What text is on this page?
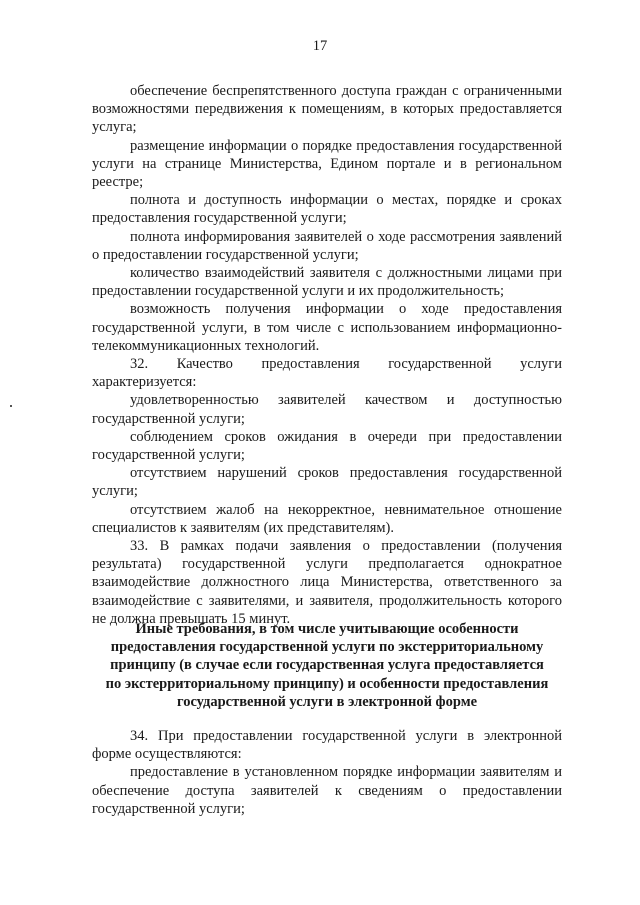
17

обеспечение беспрепятственного доступа граждан с ограниченными возможностями передвижения к помещениям, в которых предоставляется услуга;

размещение информации о порядке предоставления государственной услуги на странице Министерства, Едином портале и в региональном реестре;

полнота и доступность информации о местах, порядке и сроках предоставления государственной услуги;

полнота информирования заявителей о ходе рассмотрения заявлений о предоставлении государственной услуги;

количество взаимодействий заявителя с должностными лицами при предоставлении государственной услуги и их продолжительность;

возможность получения информации о ходе предоставления государственной услуги, в том числе с использованием информационно-телекоммуникационных технологий.

32. Качество предоставления государственной услуги характеризуется:

удовлетворенностью заявителей качеством и доступностью государственной услуги;

соблюдением сроков ожидания в очереди при предоставлении государственной услуги;

отсутствием нарушений сроков предоставления государственной услуги;

отсутствием жалоб на некорректное, невнимательное отношение специалистов к заявителям (их представителям).

33. В рамках подачи заявления о предоставлении (получения результата) государственной услуги предполагается однократное взаимодействие должностного лица Министерства, ответственного за взаимодействие с заявителями, и заявителя, продолжительность которого не должна превышать 15 минут.

Иные требования, в том числе учитывающие особенности

предоставления государственной услуги по экстерриториальному

принципу (в случае если государственная услуга предоставляется

по экстерриториальному принципу) и особенности предоставления

государственной услуги в электронной форме

34. При предоставлении государственной услуги в электронной форме осуществляются:

предоставление в установленном порядке информации заявителям и обеспечение доступа заявителей к сведениям о предоставлении государственной услуги;
